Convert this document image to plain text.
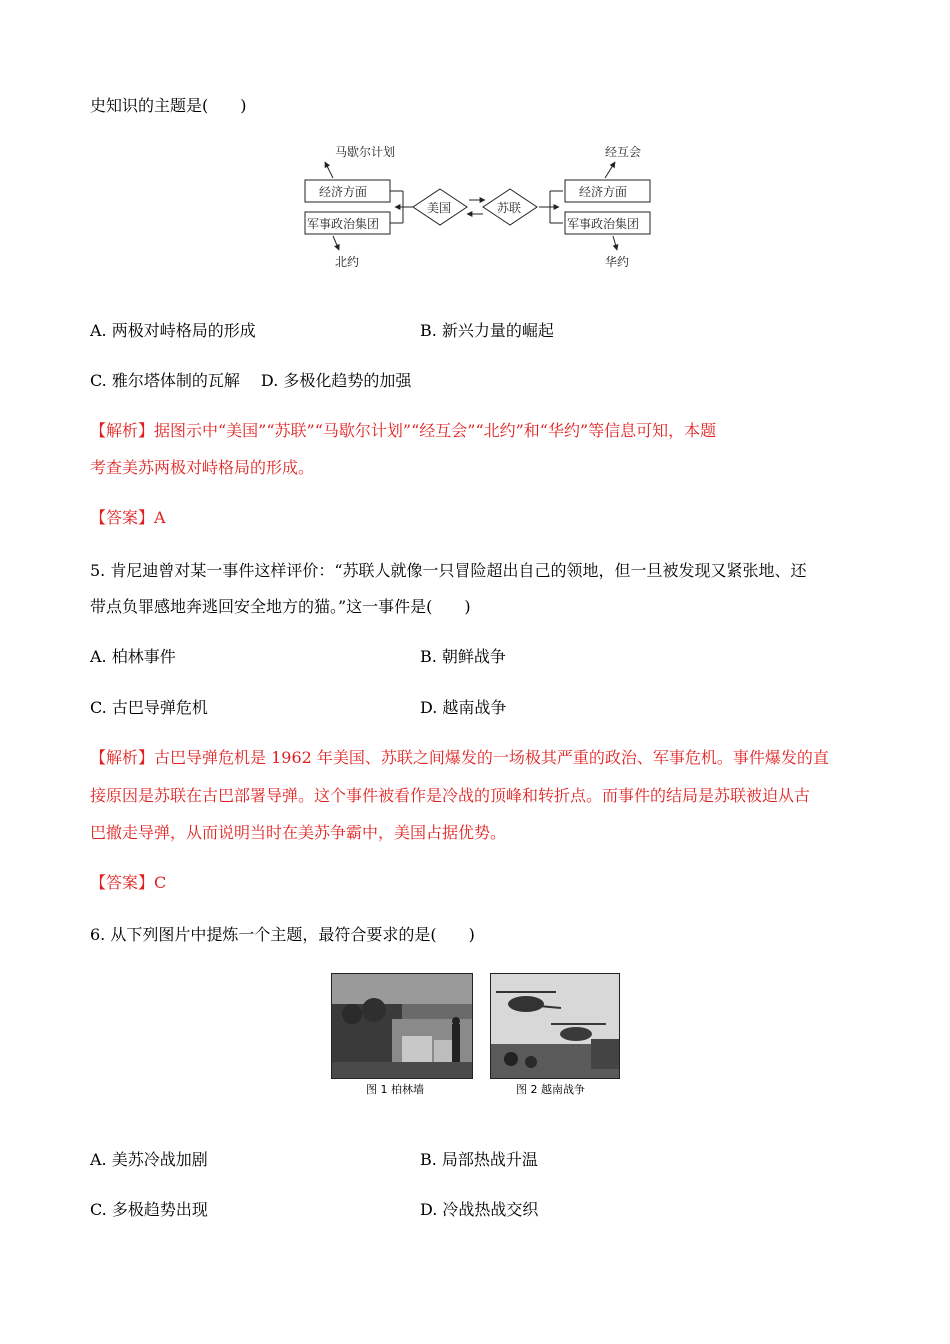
史知识的主题是(　　)
马歇尔计划
经济方面
军事政治集团
北约
美国	苏联
经互会
经济方面
军事政治集团
华约
A. 两极对峙格局的形成	B. 新兴力量的崛起
C. 雅尔塔体制的瓦解　 D. 多极化趋势的加强
【解析】据图示中“美国”“苏联”“马歇尔计划”“经互会”“北约”和“华约”等信息可知，本题
考查美苏两极对峙格局的形成。
【答案】A
5. 肯尼迪曾对某一事件这样评价：“苏联人就像一只冒险超出自己的领地，但一旦被发现又紧张地、还
带点负罪感地奔逃回安全地方的猫。”这一事件是(　　)
A. 柏林事件	B. 朝鲜战争
C. 古巴导弹危机	D. 越南战争
【解析】古巴导弹危机是 1962 年美国、苏联之间爆发的一场极其严重的政治、军事危机。事件爆发的直
接原因是苏联在古巴部署导弹。这个事件被看作是冷战的顶峰和转折点。而事件的结局是苏联被迫从古
巴撤走导弹，从而说明当时在美苏争霸中，美国占据优势。
【答案】C
6. 从下列图片中提炼一个主题，最符合要求的是(　　)
图 1 柏林墙	图 2 越南战争
A. 美苏冷战加剧	B. 局部热战升温
C. 多极趋势出现	D. 冷战热战交织
